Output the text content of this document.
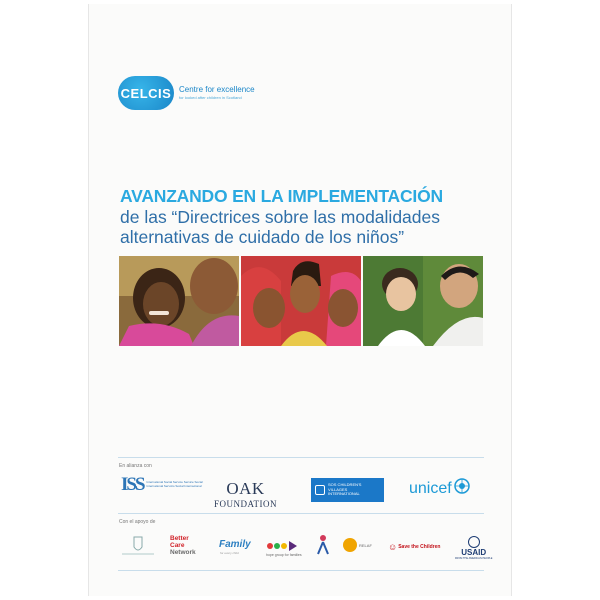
CELCIS Centre for excellence
for looked after children in Scotland
AVANZANDO EN LA IMPLEMENTACIÓN
de las “Directrices sobre las modalidades
alternativas de cuidado de los niños”
En alianza con
ISS International Social Service Service Social International Servicio Social Internacional OAK
FOUNDATION
SOS CHILDREN'S
VILLAGES
INTERNATIONAL	unicef
Con el apoyo de
Better
Care
Network
Family
for every child	hope group for families
RELAF ☺ Save the Children
USAID
FROM THE AMERICAN PEOPLE
